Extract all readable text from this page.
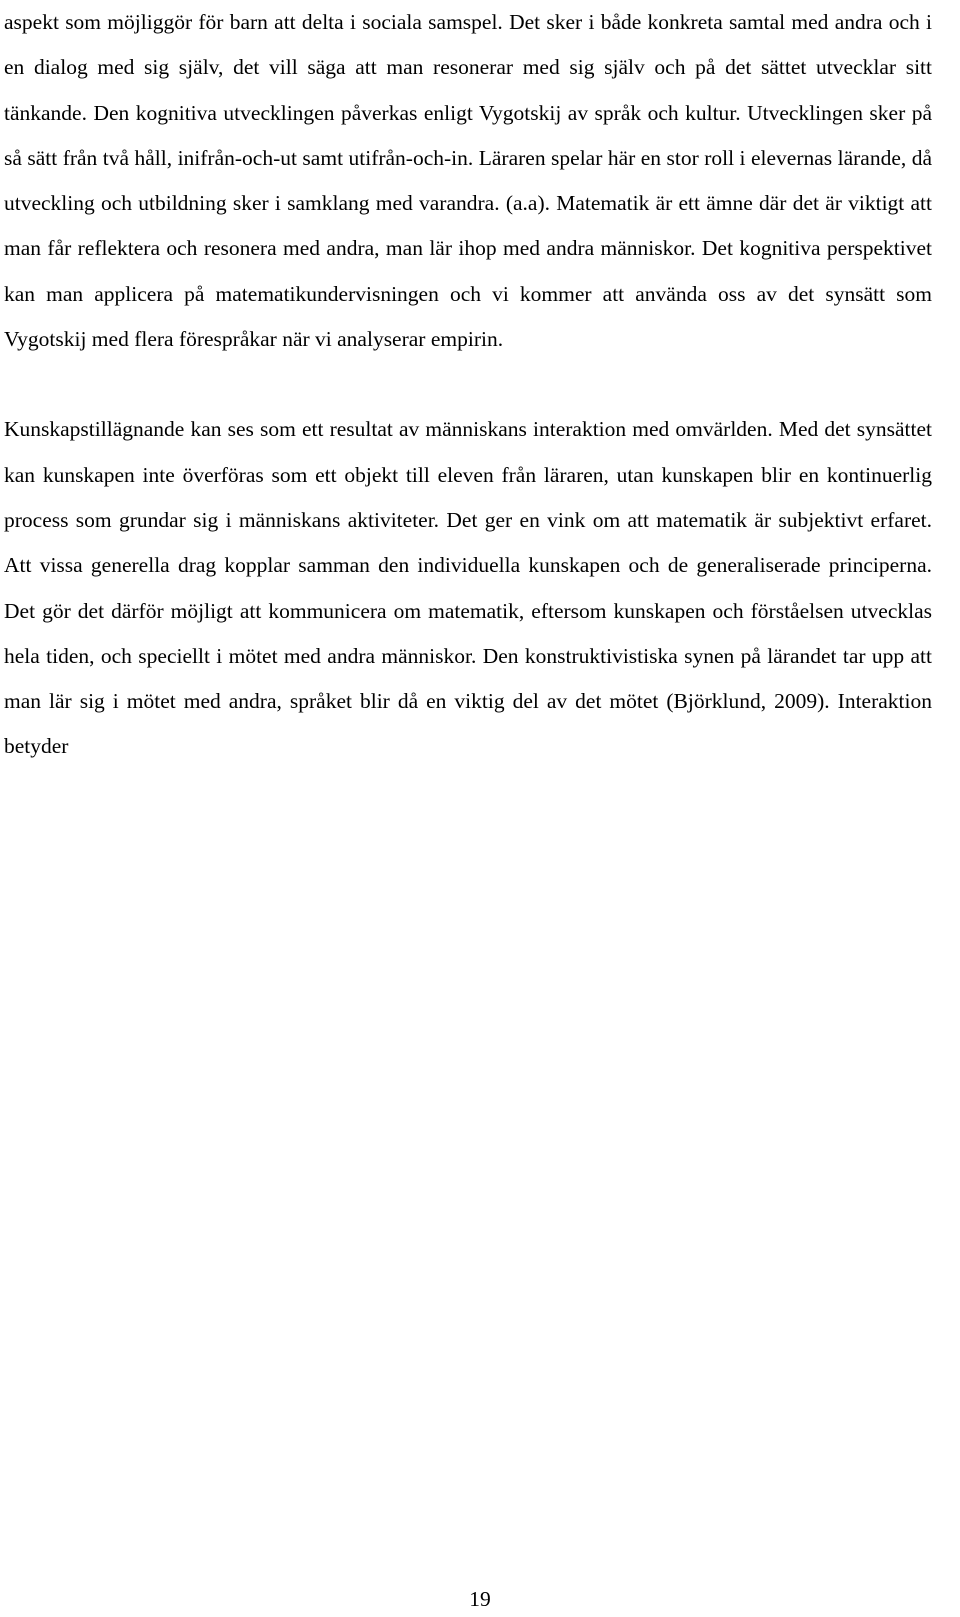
aspekt som möjliggör för barn att delta i sociala samspel. Det sker i både konkreta samtal med andra och i en dialog med sig själv, det vill säga att man resonerar med sig själv och på det sättet utvecklar sitt tänkande. Den kognitiva utvecklingen påverkas enligt Vygotskij av språk och kultur. Utvecklingen sker på så sätt från två håll, inifrån-och-ut samt utifrån-och-in. Läraren spelar här en stor roll i elevernas lärande, då utveckling och utbildning sker i samklang med varandra. (a.a). Matematik är ett ämne där det är viktigt att man får reflektera och resonera med andra, man lär ihop med andra människor. Det kognitiva perspektivet kan man applicera på matematikundervisningen och vi kommer att använda oss av det synsätt som Vygotskij med flera förespråkar när vi analyserar empirin.

Kunskapstillägnande kan ses som ett resultat av människans interaktion med omvärlden. Med det synsättet kan kunskapen inte överföras som ett objekt till eleven från läraren, utan kunskapen blir en kontinuerlig process som grundar sig i människans aktiviteter. Det ger en vink om att matematik är subjektivt erfaret. Att vissa generella drag kopplar samman den individuella kunskapen och de generaliserade principerna. Det gör det därför möjligt att kommunicera om matematik, eftersom kunskapen och förståelsen utvecklas hela tiden, och speciellt i mötet med andra människor. Den konstruktivistiska synen på lärandet tar upp att man lär sig i mötet med andra, språket blir då en viktig del av det mötet (Björklund, 2009). Interaktion betyder

19
